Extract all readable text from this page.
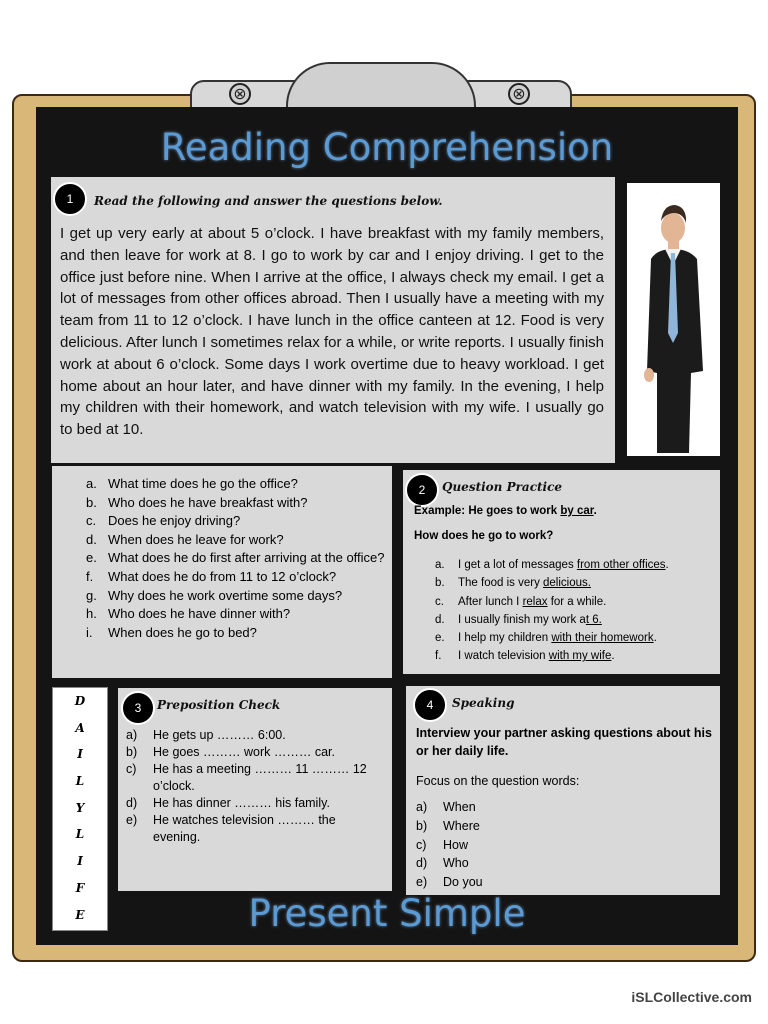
⊗	⊗
Reading Comprehension
1	Read the following and answer the questions below.
I get up very early at about 5 o’clock. I have breakfast with my family members, and then leave for work at 8. I go to work by car and I enjoy driving. I get to the office just before nine. When I arrive at the office, I always check my email. I get a lot of messages from other offices abroad. Then I usually have a meeting with my team from 11 to 12 o’clock. I have lunch in the office canteen at 12. Food is very delicious. After lunch I sometimes relax for a while, or write reports. I usually finish work at about 6 o’clock. Some days I work overtime due to heavy workload. I get home about an hour later, and have dinner with my family. In the evening, I help my children with their homework, and watch television with my wife. I usually go to bed at 10.
a. What time does he go the office?
b. Who does he have breakfast with?
c. Does he enjoy driving?
d. When does he leave for work?
e. What does he do first after arriving at the office?
f. What does he do from 11 to 12 o’clock?
g. Why does he work overtime some days?
h. Who does he have dinner with?
i. When does he go to bed?
2	Question Practice

Example: He goes to work by car.

How does he go to work?

a. I get a lot of messages from other offices.
b. The food is very delicious.
c. After lunch I relax for a while.
d. I usually finish my work at 6.
e. I help my children with their homework.
f. I watch television with my wife.
D
A
I
L
Y
L
I
F
E
3	Preposition Check
a) He gets up ……… 6:00.
b) He goes ……… work ……… car.
c) He has a meeting ……… 11 ……… 12 o’clock.
d) He has dinner ……… his family.
e) He watches television ……… the evening.
4	Speaking

Interview your partner asking questions about his or her daily life.

Focus on the question words:

a) When
b) Where
c) How
d) Who
e) Do you
Present Simple
iSLCollective.com
